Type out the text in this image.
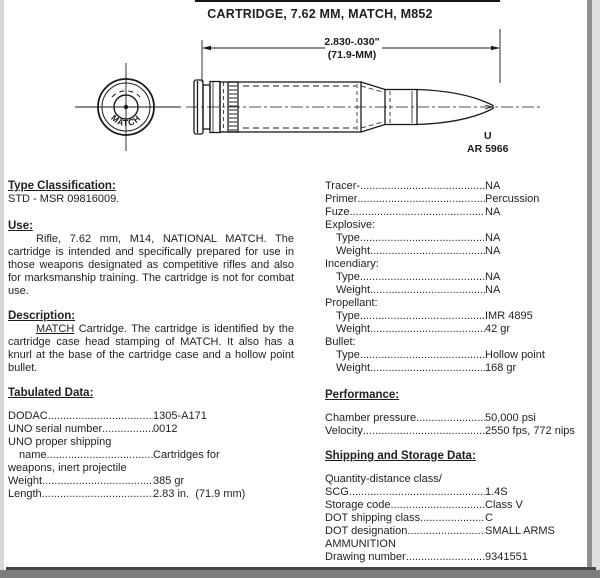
CARTRIDGE, 7.62 MM, MATCH, M852
MATCH
2.830-.030"
(71.9-MM)
U
AR 5966
Type Classification:
STD - MSR 09816009.
Use:

Rifle, 7.62 mm, M14, NATIONAL MATCH. The cartridge is intended and specifically prepared for use in those weapons designated as competitive rifles and also for marksmanship training. The cartridge is not for combat use.

Description:

MATCH Cartridge. The cartridge is identified by the cartridge case head stamping of MATCH. It also has a knurl at the base of the cartridge case and a hollow point bullet.

Tabulated Data:
DODAC .....	1305-A171
UNO serial number .....	0012
UNO proper shipping
name .....	Cartridges for
weapons, inert projectile
Weight .....	385 gr
Length .....	2.83 in.  (71.9 mm)
Tracer- .....	NA
Primer .....	Percussion
Fuze .....	NA
Explosive:
Type .....	NA
Weight .....	NA
Incendiary:
Type .....	NA
Weight .....	NA
Propellant:
Type .....	IMR 4895
Weight .....	42 gr
Bullet:
Type .....	Hollow point
Weight .....	168 gr
Performance:
Chamber pressure .....	50,000 psi
Velocity .....	2550 fps, 772 nips
Shipping and Storage Data:
Quantity-distance class/
SCG .....	1.4S
Storage code .....	Class V
DOT shipping class .....	C
DOT designation .....	SMALL ARMS
AMMUNITION
Drawing number .....	9341551
